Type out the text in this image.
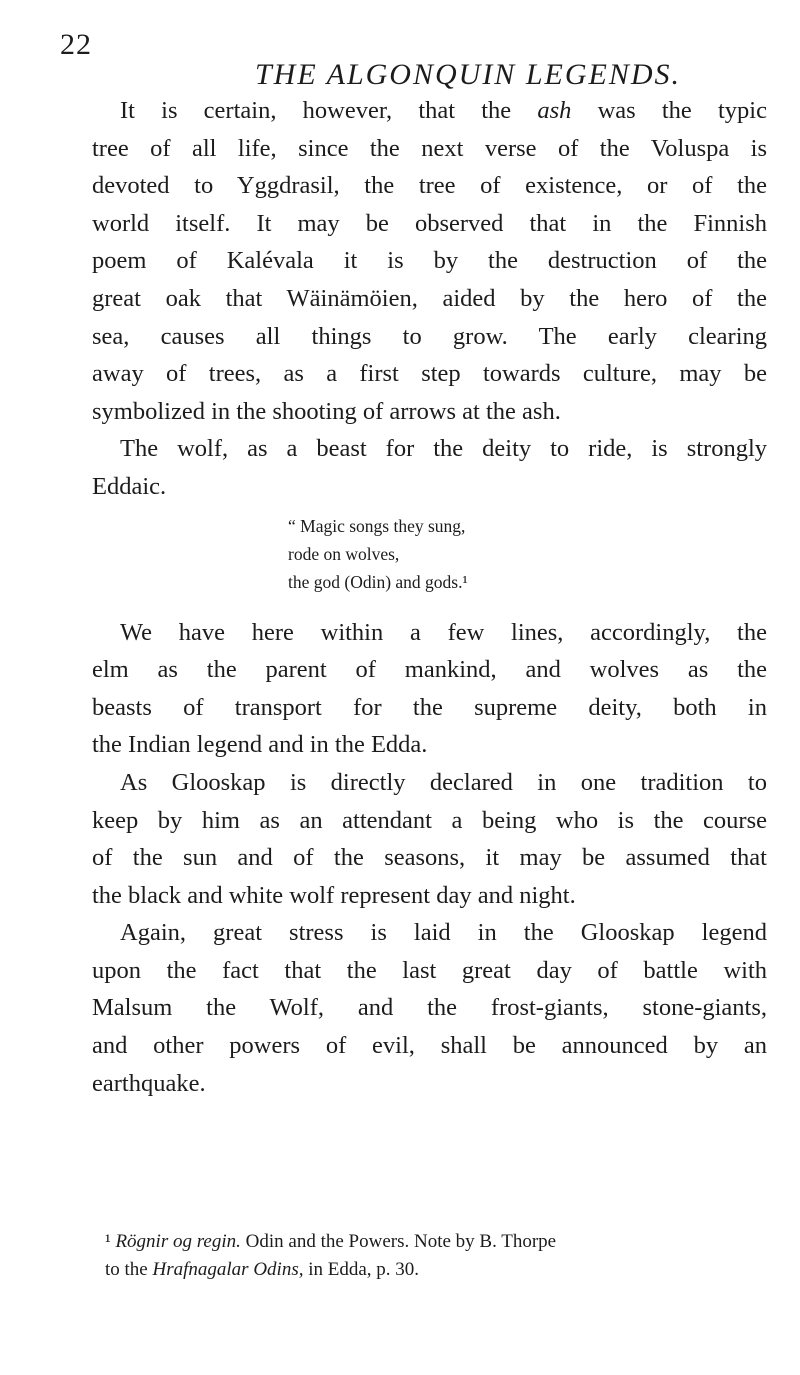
22
THE ALGONQUIN LEGENDS.
It is certain, however, that the ash was the typic
tree of all life, since the next verse of the Voluspa is
devoted to Yggdrasil, the tree of existence, or of the
world itself. It may be observed that in the Finnish
poem of Kalévala it is by the destruction of the
great oak that Wäinämöien, aided by the hero of the
sea, causes all things to grow. The early clearing
away of trees, as a first step towards culture, may be
symbolized in the shooting of arrows at the ash.
The wolf, as a beast for the deity to ride, is strongly
Eddaic.
“ Magic songs they sung,
rode on wolves,
the god (Odin) and gods.¹
We have here within a few lines, accordingly, the
elm as the parent of mankind, and wolves as the
beasts of transport for the supreme deity, both in
the Indian legend and in the Edda.
As Glooskap is directly declared in one tradition to
keep by him as an attendant a being who is the course
of the sun and of the seasons, it may be assumed that
the black and white wolf represent day and night.
Again, great stress is laid in the Glooskap legend
upon the fact that the last great day of battle with
Malsum the Wolf, and the frost-giants, stone-giants,
and other powers of evil, shall be announced by an
earthquake.
¹ Rögnir og regin. Odin and the Powers. Note by B. Thorpe
to the Hrafnagalar Odins, in Edda, p. 30.
